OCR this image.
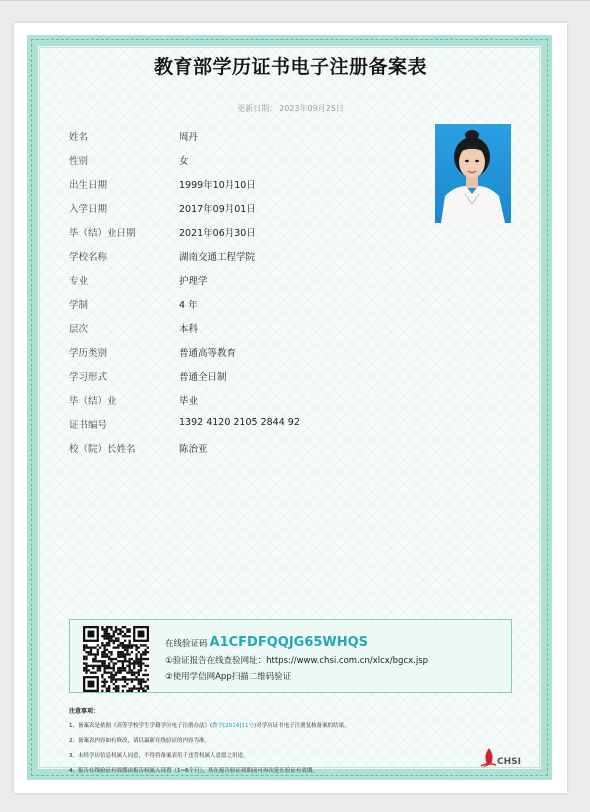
教育部学历证书电子注册备案表
更新日期： 2023年09月25日
姓名	周丹
性别	女
出生日期	1999年10月10日
入学日期	2017年09月01日
毕（结）业日期	2021年06月30日
学校名称	湖南交通工程学院
专业	护理学
学制	4 年
层次	本科
学历类别	普通高等教育
学习形式	普通全日制
毕（结）业	毕业
证书编号	1392 4120 2105 2844 92
校（院）长姓名	陈治亚
在线验证码 A1CFDFQQJG65WHQS
①验证报告在线查验网址：https://www.chsi.com.cn/xlcx/bgcx.jsp
②使用学信网App扫描二维码验证
注意事项：
1、备案表是依据《高等学校学生学籍学历电子注册办法》(教学[2014]11号)对学历证书电子注册复核备案的结果。
2、备案表内容如有修改，请以最新在线验证的内容为准。
3、未经学历信息权属人同意，不得将备案表用于违背权属人意愿之用途。
4、报告在线验证有效期由报告权属人设置（1~6个月），其在报告验证到期前可再次延长验证有效期。
CHSI
